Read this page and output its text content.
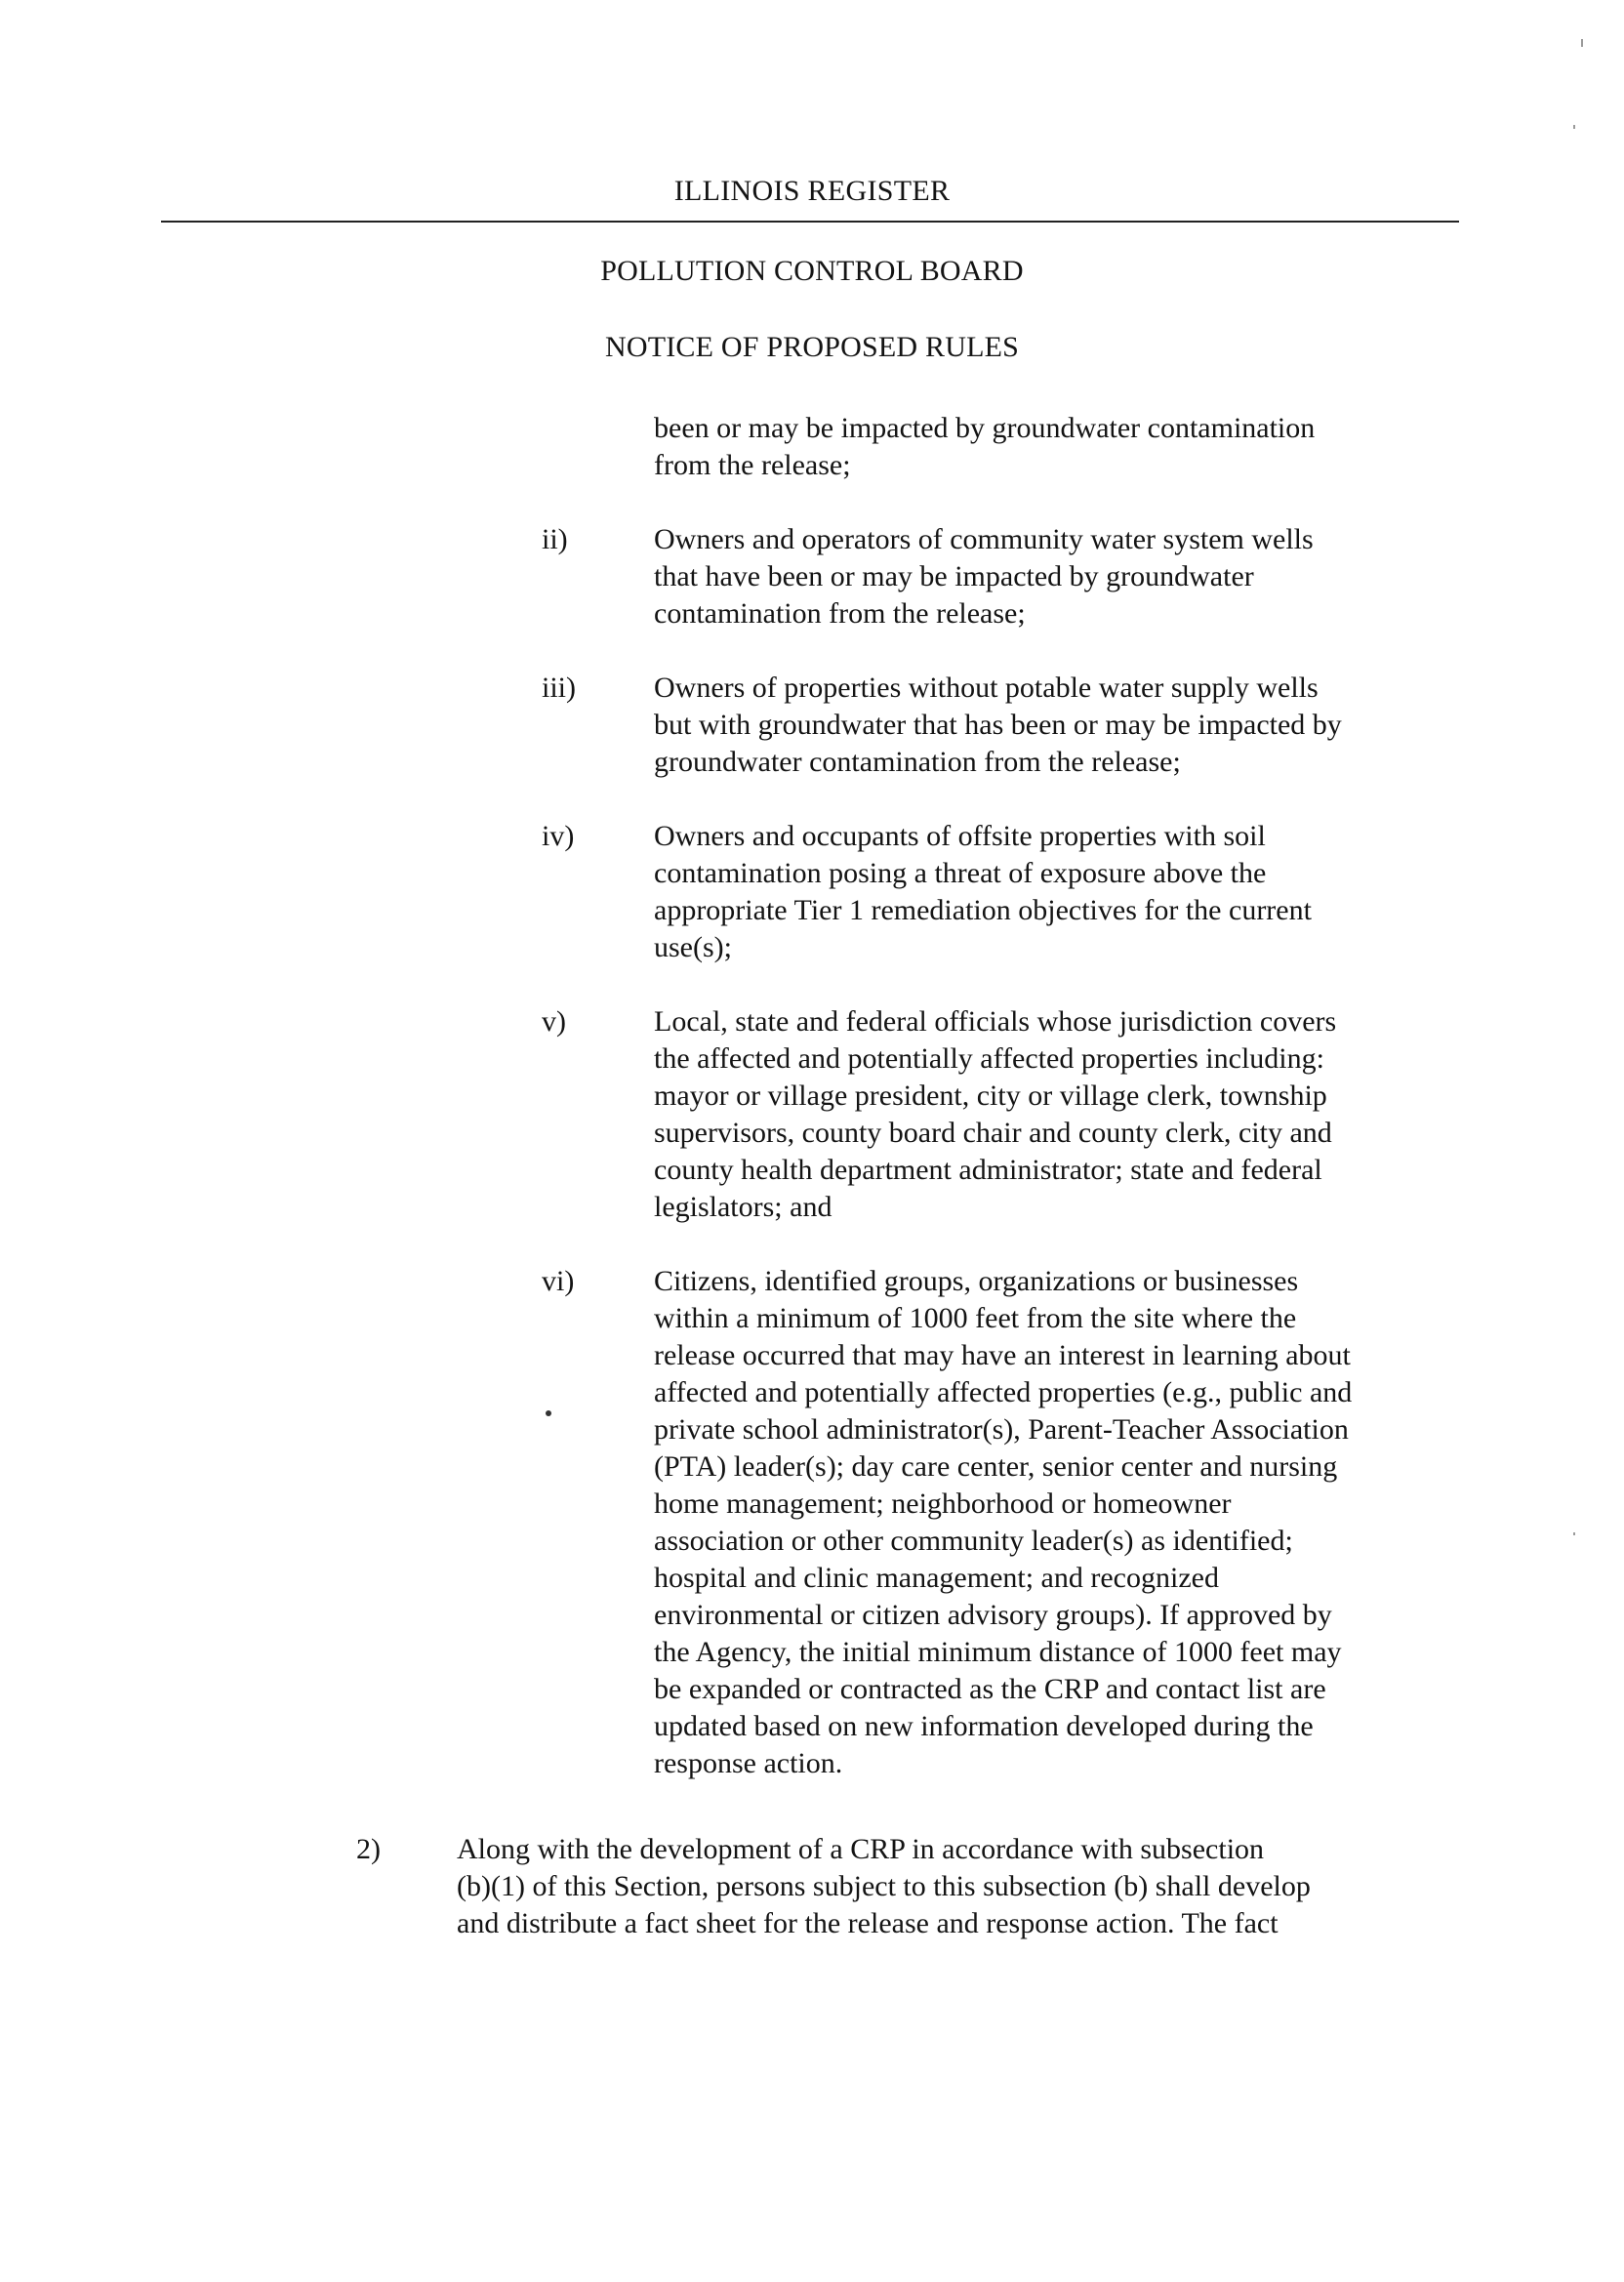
ILLINOIS REGISTER
POLLUTION CONTROL BOARD
NOTICE OF PROPOSED RULES

been or may be impacted by groundwater contamination
from the release;

ii)	Owners and operators of community water system wells
that have been or may be impacted by groundwater
contamination from the release;

iii)	Owners of properties without potable water supply wells
but with groundwater that has been or may be impacted by
groundwater contamination from the release;

iv)	Owners and occupants of offsite properties with soil
contamination posing a threat of exposure above the
appropriate Tier 1 remediation objectives for the current
use(s);

v)	Local, state and federal officials whose jurisdiction covers
the affected and potentially affected properties including:
mayor or village president, city or village clerk, township
supervisors, county board chair and county clerk, city and
county health department administrator; state and federal
legislators; and

vi)	Citizens, identified groups, organizations or businesses
within a minimum of 1000 feet from the site where the
release occurred that may have an interest in learning about
affected and potentially affected properties (e.g., public and
private school administrator(s), Parent-Teacher Association
(PTA) leader(s); day care center, senior center and nursing
home management; neighborhood or homeowner
association or other community leader(s) as identified;
hospital and clinic management; and recognized
environmental or citizen advisory groups). If approved by
the Agency, the initial minimum distance of 1000 feet may
be expanded or contracted as the CRP and contact list are
updated based on new information developed during the
response action.

2)	Along with the development of a CRP in accordance with subsection
(b)(1) of this Section, persons subject to this subsection (b) shall develop
and distribute a fact sheet for the release and response action. The fact
